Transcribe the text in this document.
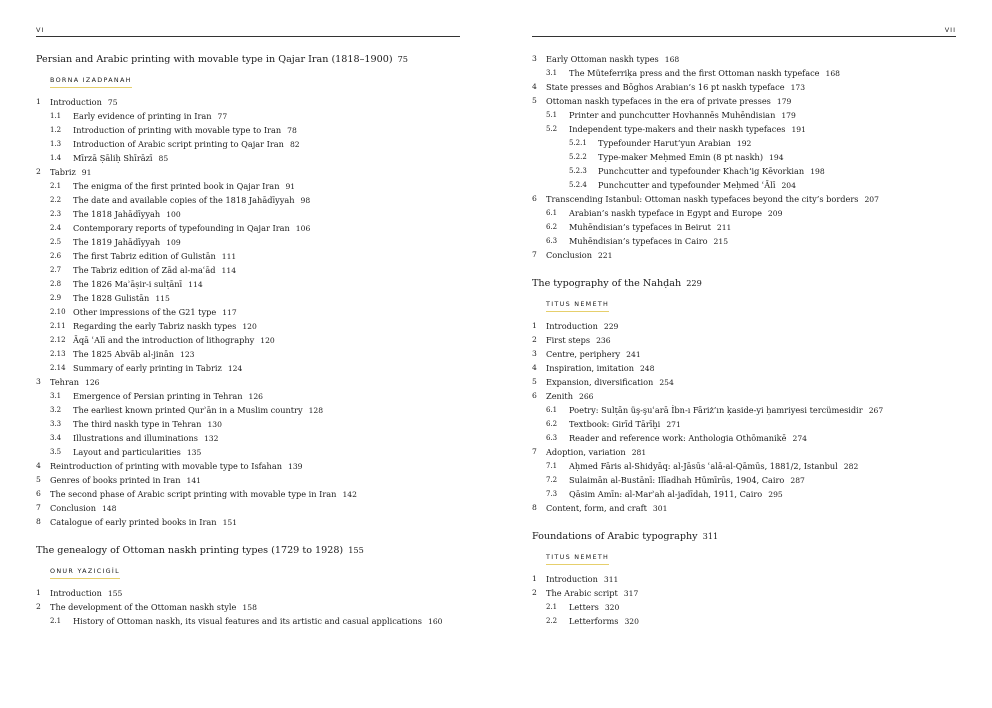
VI	VII
Persian and Arabic printing with movable type in Qajar Iran (1818–1900) 75
BORNA IZADPANAH
1 Introduction 75
1.1 Early evidence of printing in Iran 77
1.2 Introduction of printing with movable type to Iran 78
1.3 Introduction of Arabic script printing to Qajar Iran 82
1.4 Mīrzā Ṣāliḥ Shīrāzī 85
2 Tabriz 91
2.1 The enigma of the first printed book in Qajar Iran 91
2.2 The date and available copies of the 1818 Jahādīyyah 98
2.3 The 1818 Jahādīyyah 100
2.4 Contemporary reports of typefounding in Qajar Iran 106
2.5 The 1819 Jahādīyyah 109
2.6 The first Tabriz edition of Gulistān 111
2.7 The Tabriz edition of Zād al-maʿād 114
2.8 The 1826 Maʾāṣir-i sulṭānī 114
2.9 The 1828 Gulistān 115
2.10 Other impressions of the G21 type 117
2.11 Regarding the early Tabriz naskh types 120
2.12 Āqā ʿAlī and the introduction of lithography 120
2.13 The 1825 Abvāb al-jinān 123
2.14 Summary of early printing in Tabriz 124
3 Tehran 126
3.1 Emergence of Persian printing in Tehran 126
3.2 The earliest known printed Qurʾān in a Muslim country 128
3.3 The third naskh type in Tehran 130
3.4 Illustrations and illuminations 132
3.5 Layout and particularities 135
4 Reintroduction of printing with movable type to Isfahan 139
5 Genres of books printed in Iran 141
6 The second phase of Arabic script printing with movable type in Iran 142
7 Conclusion 148
8 Catalogue of early printed books in Iran 151
The genealogy of Ottoman naskh printing types (1729 to 1928) 155
ONUR YAZICIGİL
1 Introduction 155
2 The development of the Ottoman naskh style 158
2.1 History of Ottoman naskh, its visual features and its artistic and casual applications 160
3 Early Ottoman naskh types 168
3.1 The Müteferriḳa press and the first Ottoman naskh typeface 168
4 State presses and Bōghos Arabian’s 16 pt naskh typeface 173
5 Ottoman naskh typefaces in the era of private presses 179
5.1 Printer and punchcutter Hovhannēs Muhēndisian 179
5.2 Independent type-makers and their naskh typefaces 191
5.2.1 Typefounder Harut‘yun Arabian 192
5.2.2 Type-maker Meḥmed Emin (8 pt naskh) 194
5.2.3 Punchcutter and typefounder Khach‘ig Kēvorkian 198
5.2.4 Punchcutter and typefounder Meḥmed ʿĀlī 204
6 Transcending Istanbul: Ottoman naskh typefaces beyond the city’s borders 207
6.1 Arabian’s naskh typeface in Egypt and Europe 209
6.2 Muhēndisian’s typefaces in Beirut 211
6.3 Muhēndisian’s typefaces in Cairo 215
7 Conclusion 221
The typography of the Nahḍah 229
TITUS NEMETH
1 Introduction 229
2 First steps 236
3 Centre, periphery 241
4 Inspiration, imitation 248
5 Expansion, diversification 254
6 Zenith 266
6.1 Poetry: Sulṭān üş-şuʿarā İbn-ı Fāriż’ın ḳaside-yi ḥamriyesi tercümesidir 267
6.2 Textbook: Girīd Tārīḫi 271
6.3 Reader and reference work: Anthologia Othōmanikē 274
7 Adoption, variation 281
7.1 Aḥmed Fāris al-Shidyāq: al-Jāsūs ʿalā-al-Qāmūs, 1881/2, Istanbul 282
7.2 Sulaimān al-Bustānī: Ilīadhah Hūmīrūs, 1904, Cairo 287
7.3 Qāsim Amīn: al-Marʾah al-jadīdah, 1911, Cairo 295
8 Content, form, and craft 301
Foundations of Arabic typography 311
TITUS NEMETH
1 Introduction 311
2 The Arabic script 317
2.1 Letters 320
2.2 Letterforms 320
